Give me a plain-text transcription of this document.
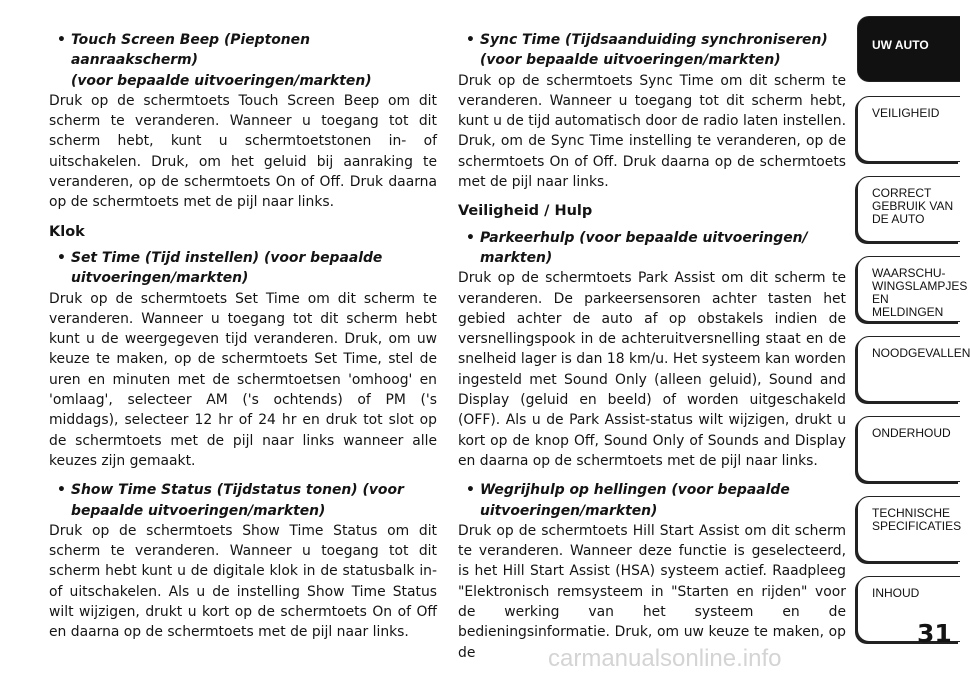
• Touch Screen Beep (Pieptonen aanraakscherm)
(voor bepaalde uitvoeringen/markten)

Druk op de schermtoets Touch Screen Beep om dit scherm te veranderen. Wanneer u toegang tot dit scherm hebt, kunt u schermtoetstonen in- of uitschakelen. Druk, om het geluid bij aanraking te veranderen, op de schermtoets On of Off. Druk daarna op de schermtoets met de pijl naar links.

Klok

• Set Time (Tijd instellen) (voor bepaalde
uitvoeringen/markten)

Druk op de schermtoets Set Time om dit scherm te veranderen. Wanneer u toegang tot dit scherm hebt kunt u de weergegeven tijd veranderen. Druk, om uw keuze te maken, op de schermtoets Set Time, stel de uren en minuten met de schermtoetsen 'omhoog' en 'omlaag', selecteer AM ('s ochtends) of PM ('s middags), selecteer 12 hr of 24 hr en druk tot slot op de schermtoets met de pijl naar links wanneer alle keuzes zijn gemaakt.

• Show Time Status (Tijdstatus tonen) (voor
bepaalde uitvoeringen/markten)

Druk op de schermtoets Show Time Status om dit scherm te veranderen. Wanneer u toegang tot dit scherm hebt kunt u de digitale klok in de statusbalk in- of uitschakelen. Als u de instelling Show Time Status wilt wijzigen, drukt u kort op de schermtoets On of Off en daarna op de schermtoets met de pijl naar links.

• Sync Time (Tijdsaanduiding synchroniseren)
(voor bepaalde uitvoeringen/markten)

Druk op de schermtoets Sync Time om dit scherm te veranderen. Wanneer u toegang tot dit scherm hebt, kunt u de tijd automatisch door de radio laten instellen. Druk, om de Sync Time instelling te veranderen, op de schermtoets On of Off. Druk daarna op de schermtoets met de pijl naar links.

Veiligheid / Hulp

• Parkeerhulp (voor bepaalde uitvoeringen/
markten)

Druk op de schermtoets Park Assist om dit scherm te veranderen. De parkeersensoren achter tasten het gebied achter de auto af op obstakels indien de versnellingspook in de achteruitversnelling staat en de snelheid lager is dan 18 km/u. Het systeem kan worden ingesteld met Sound Only (alleen geluid), Sound and Display (geluid en beeld) of worden uitgeschakeld (OFF). Als u de Park Assist-status wilt wijzigen, drukt u kort op de knop Off, Sound Only of Sounds and Display en daarna op de schermtoets met de pijl naar links.

• Wegrijhulp op hellingen (voor bepaalde
uitvoeringen/markten)

Druk op de schermtoets Hill Start Assist om dit scherm te veranderen. Wanneer deze functie is geselecteerd, is het Hill Start Assist (HSA) systeem actief. Raadpleeg "Elektronisch remsysteem in "Starten en rijden" voor de werking van het systeem en de bedieningsinformatie. Druk, om uw keuze te maken, op de

UW AUTO
VEILIGHEID
CORRECT
GEBRUIK VAN
DE AUTO
WAARSCHU-
WINGSLAMPJES
EN MELDINGEN
NOODGEVALLEN
ONDERHOUD
TECHNISCHE
SPECIFICATIES
INHOUD
31
carmanualsonline.info
